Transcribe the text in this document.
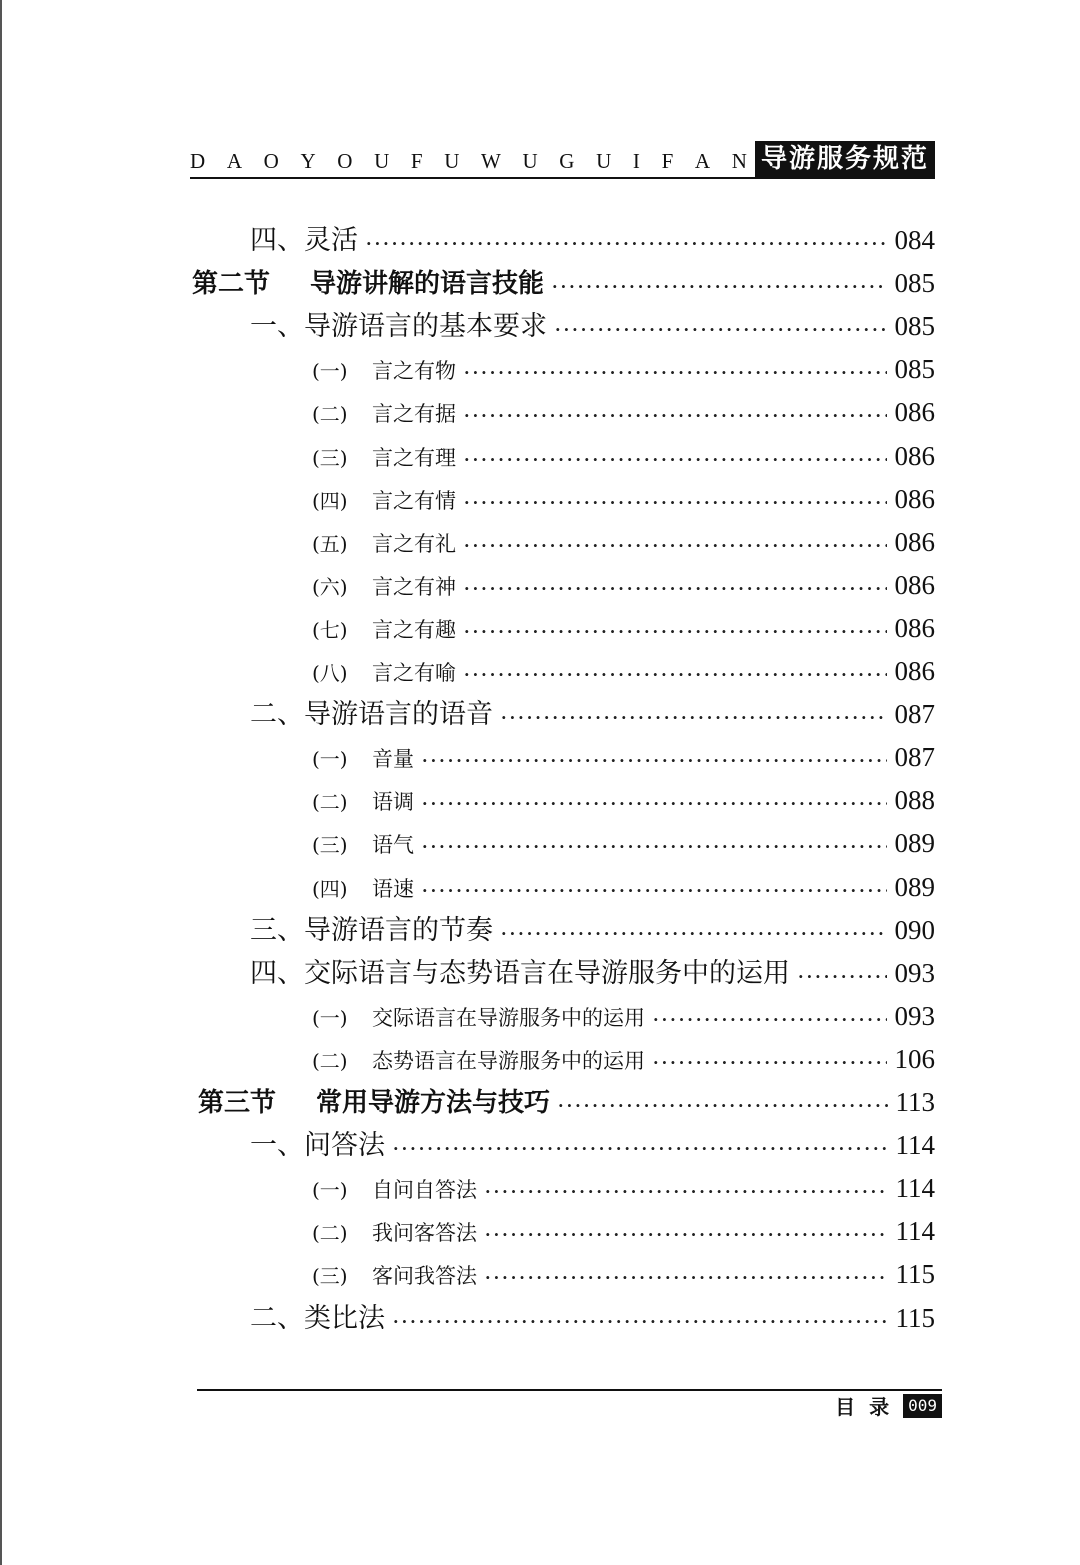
D A O Y O U F U W U G U I F A N 导游服务规范
四、灵活 ·····	084
第二节 导游讲解的语言技能 ·····	085
一、导游语言的基本要求 ·····	085
(一) 言之有物 ·····	085
(二) 言之有据 ·····	086
(三) 言之有理 ·····	086
(四) 言之有情 ·····	086
(五) 言之有礼 ·····	086
(六) 言之有神 ·····	086
(七) 言之有趣 ·····	086
(八) 言之有喻 ·····	086
二、导游语言的语音 ·····	087
(一) 音量 ·····	087
(二) 语调 ·····	088
(三) 语气 ·····	089
(四) 语速 ·····	089
三、导游语言的节奏 ·····	090
四、交际语言与态势语言在导游服务中的运用 ·····	093
(一) 交际语言在导游服务中的运用 ·····	093
(二) 态势语言在导游服务中的运用 ·····	106
第三节 常用导游方法与技巧 ·····	113
一、问答法 ·····	114
(一) 自问自答法 ·····	114
(二) 我问客答法 ·····	114
(三) 客问我答法 ·····	115
二、类比法 ·····	115
目录 009
